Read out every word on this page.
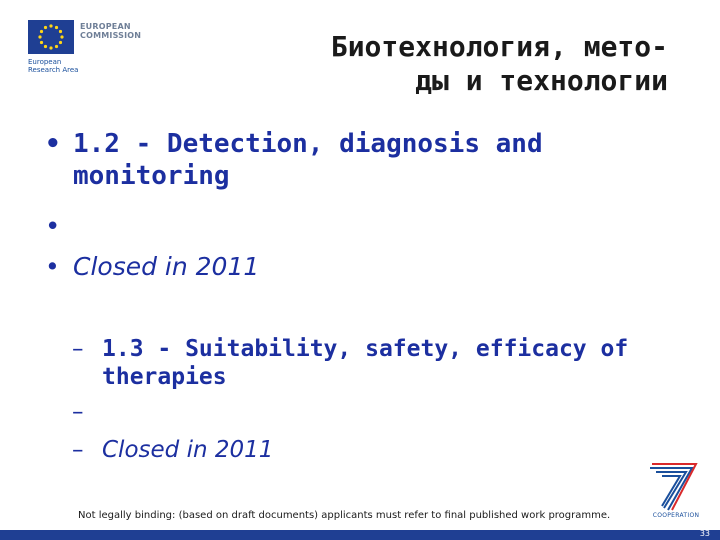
EUROPEAN
COMMISSION
European
Research Area
Биотехнология, мето-
ды и технологии
• 1.2 - Detection, diagnosis and
monitoring
•
• Closed in 2011
– 1.3 - Suitability, safety, efficacy of
therapies
–
– Closed in 2011
Not legally binding: (based on draft documents) applicants must refer to final published work programme.	COOPERATION
33
